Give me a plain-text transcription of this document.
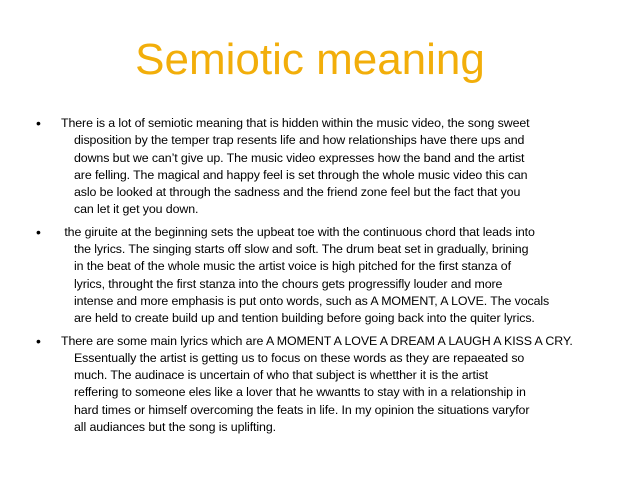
Semiotic meaning
•	There is a lot of semiotic meaning that is hidden within the music video, the song sweet
disposition by the temper trap resents life and how relationships have there ups and
downs but we can’t give up. The music video expresses how the band and the artist
are felling. The magical and happy feel is set through the whole music video this can
aslo be looked at through the sadness and the friend zone feel but the fact that you
can let it get you down.
•	the giruite at the beginning sets the upbeat toe with the continuous chord that leads into
the lyrics. The singing starts off slow and soft. The drum beat set in gradually, brining
in the beat of the whole music the artist voice is high pitched for the first stanza of
lyrics, throught the first stanza into the chours gets progressifly louder and more
intense and more emphasis is put onto words, such as A MOMENT, A LOVE. The vocals
are held to create build up and tention building before going back into the quiter lyrics.
•	There are some main lyrics which are A MOMENT A LOVE A DREAM A LAUGH A KISS A CRY.
Essentually the artist is getting us to focus on these words as they are repaeated so
much. The audinace is uncertain of who that subject is whetther it is the artist
reffering to someone eles like a lover that he wwantts to stay with in a relationship in
hard times or himself overcoming the feats in life. In my opinion the situations varyfor
all audiances but the song is uplifting.
